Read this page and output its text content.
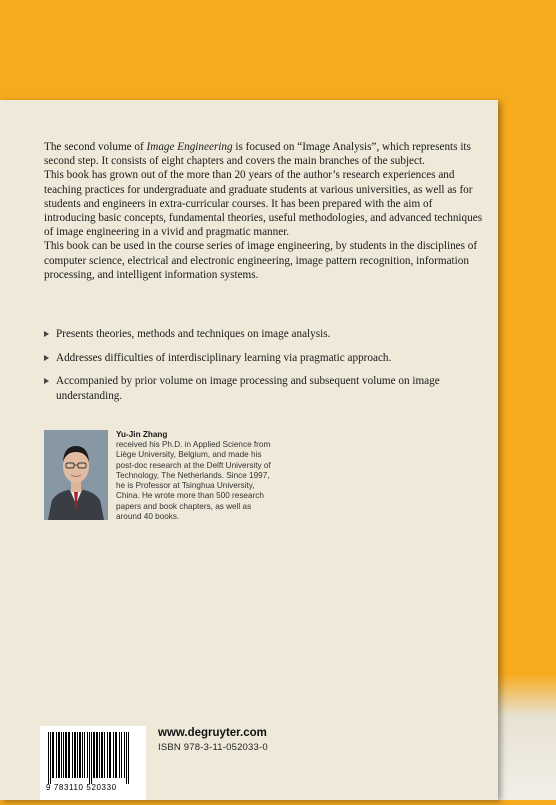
The second volume of Image Engineering is focused on “Image Analysis”, which represents its second step. It consists of eight chapters and covers the main branches of the subject.

This book has grown out of the more than 20 years of the author’s research experiences and teaching practices for undergraduate and graduate students at various universities, as well as for students and engineers in extra-curricular courses. It has been prepared with the aim of introducing basic concepts, fundamental theories, useful methodologies, and advanced techniques of image engineering in a vivid and pragmatic manner.

This book can be used in the course series of image engineering, by students in the disciplines of computer science, electrical and electronic engineering, image pattern recognition, information processing, and intelligent information systems.

Presents theories, methods and techniques on image analysis.
Addresses difficulties of interdisciplinary learning via pragmatic approach.
Accompanied by prior volume on image processing and subsequent volume on image understanding.
Yu-Jin Zhang
received his Ph.D. in Applied Science from Liège University, Belgium, and made his post-doc research at the Delft University of Technology, The Netherlands. Since 1997, he is Professor at Tsinghua University, China. He wrote more than 500 research papers and book chapters, as well as around 40 books.
www.degruyter.com
ISBN 978-3-11-052033-0
9 783110 520330
